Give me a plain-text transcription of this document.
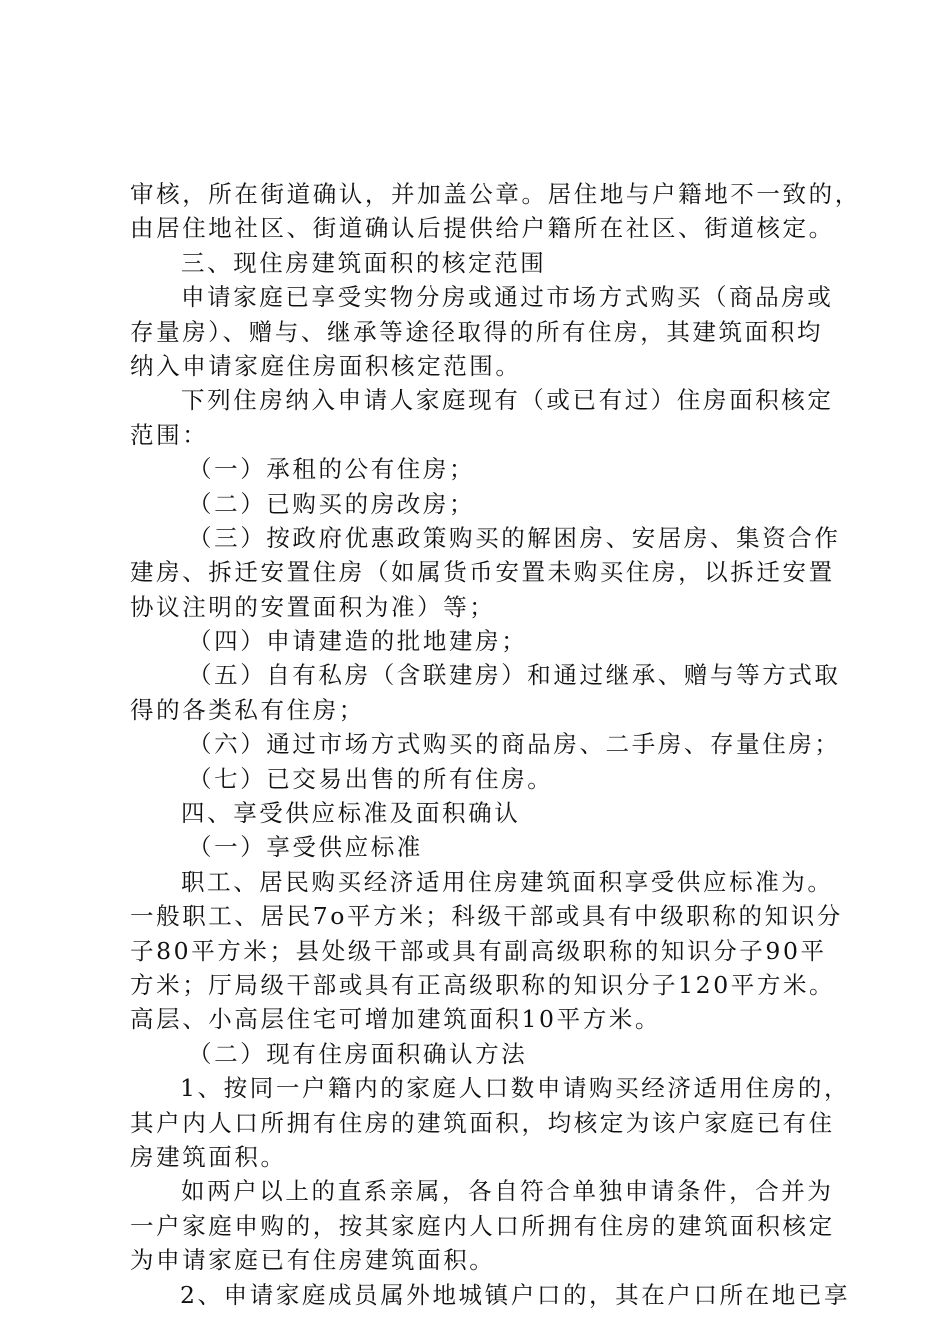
审核，所在街道确认，并加盖公章。居住地与户籍地不一致的，
由居住地社区、街道确认后提供给户籍所在社区、街道核定。
三、现住房建筑面积的核定范围
申请家庭已享受实物分房或通过市场方式购买（商品房或
存量房）、赠与、继承等途径取得的所有住房，其建筑面积均
纳入申请家庭住房面积核定范围。
下列住房纳入申请人家庭现有（或已有过）住房面积核定
范围：
（一）承租的公有住房；
（二）已购买的房改房；
（三）按政府优惠政策购买的解困房、安居房、集资合作
建房、拆迁安置住房（如属货币安置未购买住房，以拆迁安置
协议注明的安置面积为准）等；
（四）申请建造的批地建房；
（五）自有私房（含联建房）和通过继承、赠与等方式取
得的各类私有住房；
（六）通过市场方式购买的商品房、二手房、存量住房；
（七）已交易出售的所有住房。
四、享受供应标准及面积确认
（一）享受供应标准
职工、居民购买经济适用住房建筑面积享受供应标准为。
一般职工、居民7o平方米；科级干部或具有中级职称的知识分
子80平方米；县处级干部或具有副高级职称的知识分子90平
方米；厅局级干部或具有正高级职称的知识分子120平方米。
高层、小高层住宅可增加建筑面积10平方米。
（二）现有住房面积确认方法
1、按同一户籍内的家庭人口数申请购买经济适用住房的，
其户内人口所拥有住房的建筑面积，均核定为该户家庭已有住
房建筑面积。
如两户以上的直系亲属，各自符合单独申请条件，合并为
一户家庭申购的，按其家庭内人口所拥有住房的建筑面积核定
为申请家庭已有住房建筑面积。
2、申请家庭成员属外地城镇户口的，其在户口所在地已享
